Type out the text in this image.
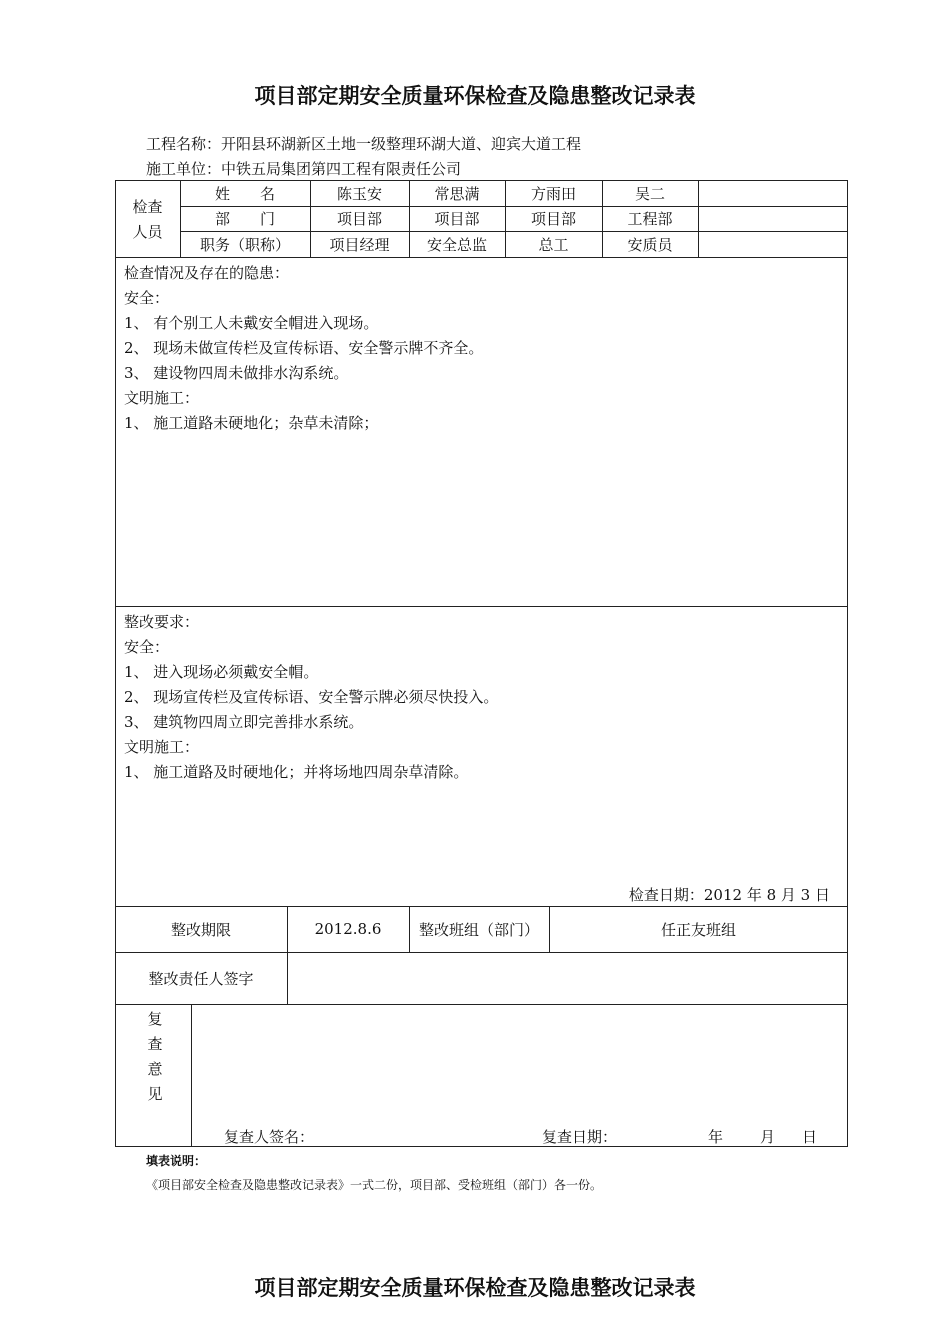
项目部定期安全质量环保检查及隐患整改记录表
工程名称：开阳县环湖新区土地一级整理环湖大道、迎宾大道工程
施工单位：中铁五局集团第四工程有限责任公司
检查
人员
姓　　名	陈玉安	常思满	方雨田	吴二
部　　门	项目部	项目部	项目部	工程部
职务（职称）	项目经理	安全总监	总工	安质员
检查情况及存在的隐患：
安全：
1、 有个别工人未戴安全帽进入现场。
2、 现场未做宣传栏及宣传标语、安全警示牌不齐全。
3、 建设物四周未做排水沟系统。
文明施工：
1、 施工道路未硬地化；杂草未清除；
整改要求：
安全：
1、 进入现场必须戴安全帽。
2、 现场宣传栏及宣传标语、安全警示牌必须尽快投入。
3、 建筑物四周立即完善排水系统。
文明施工：
1、 施工道路及时硬地化；并将场地四周杂草清除。
检查日期：2012 年 8 月 3 日
整改期限	2012.8.6	整改班组（部门）	任正友班组
整改责任人签字
复
查
意
见
复查人签名：	复查日期：	年 月 日
填表说明：
《项目部安全检查及隐患整改记录表》一式二份，项目部、受检班组（部门）各一份。
项目部定期安全质量环保检查及隐患整改记录表
